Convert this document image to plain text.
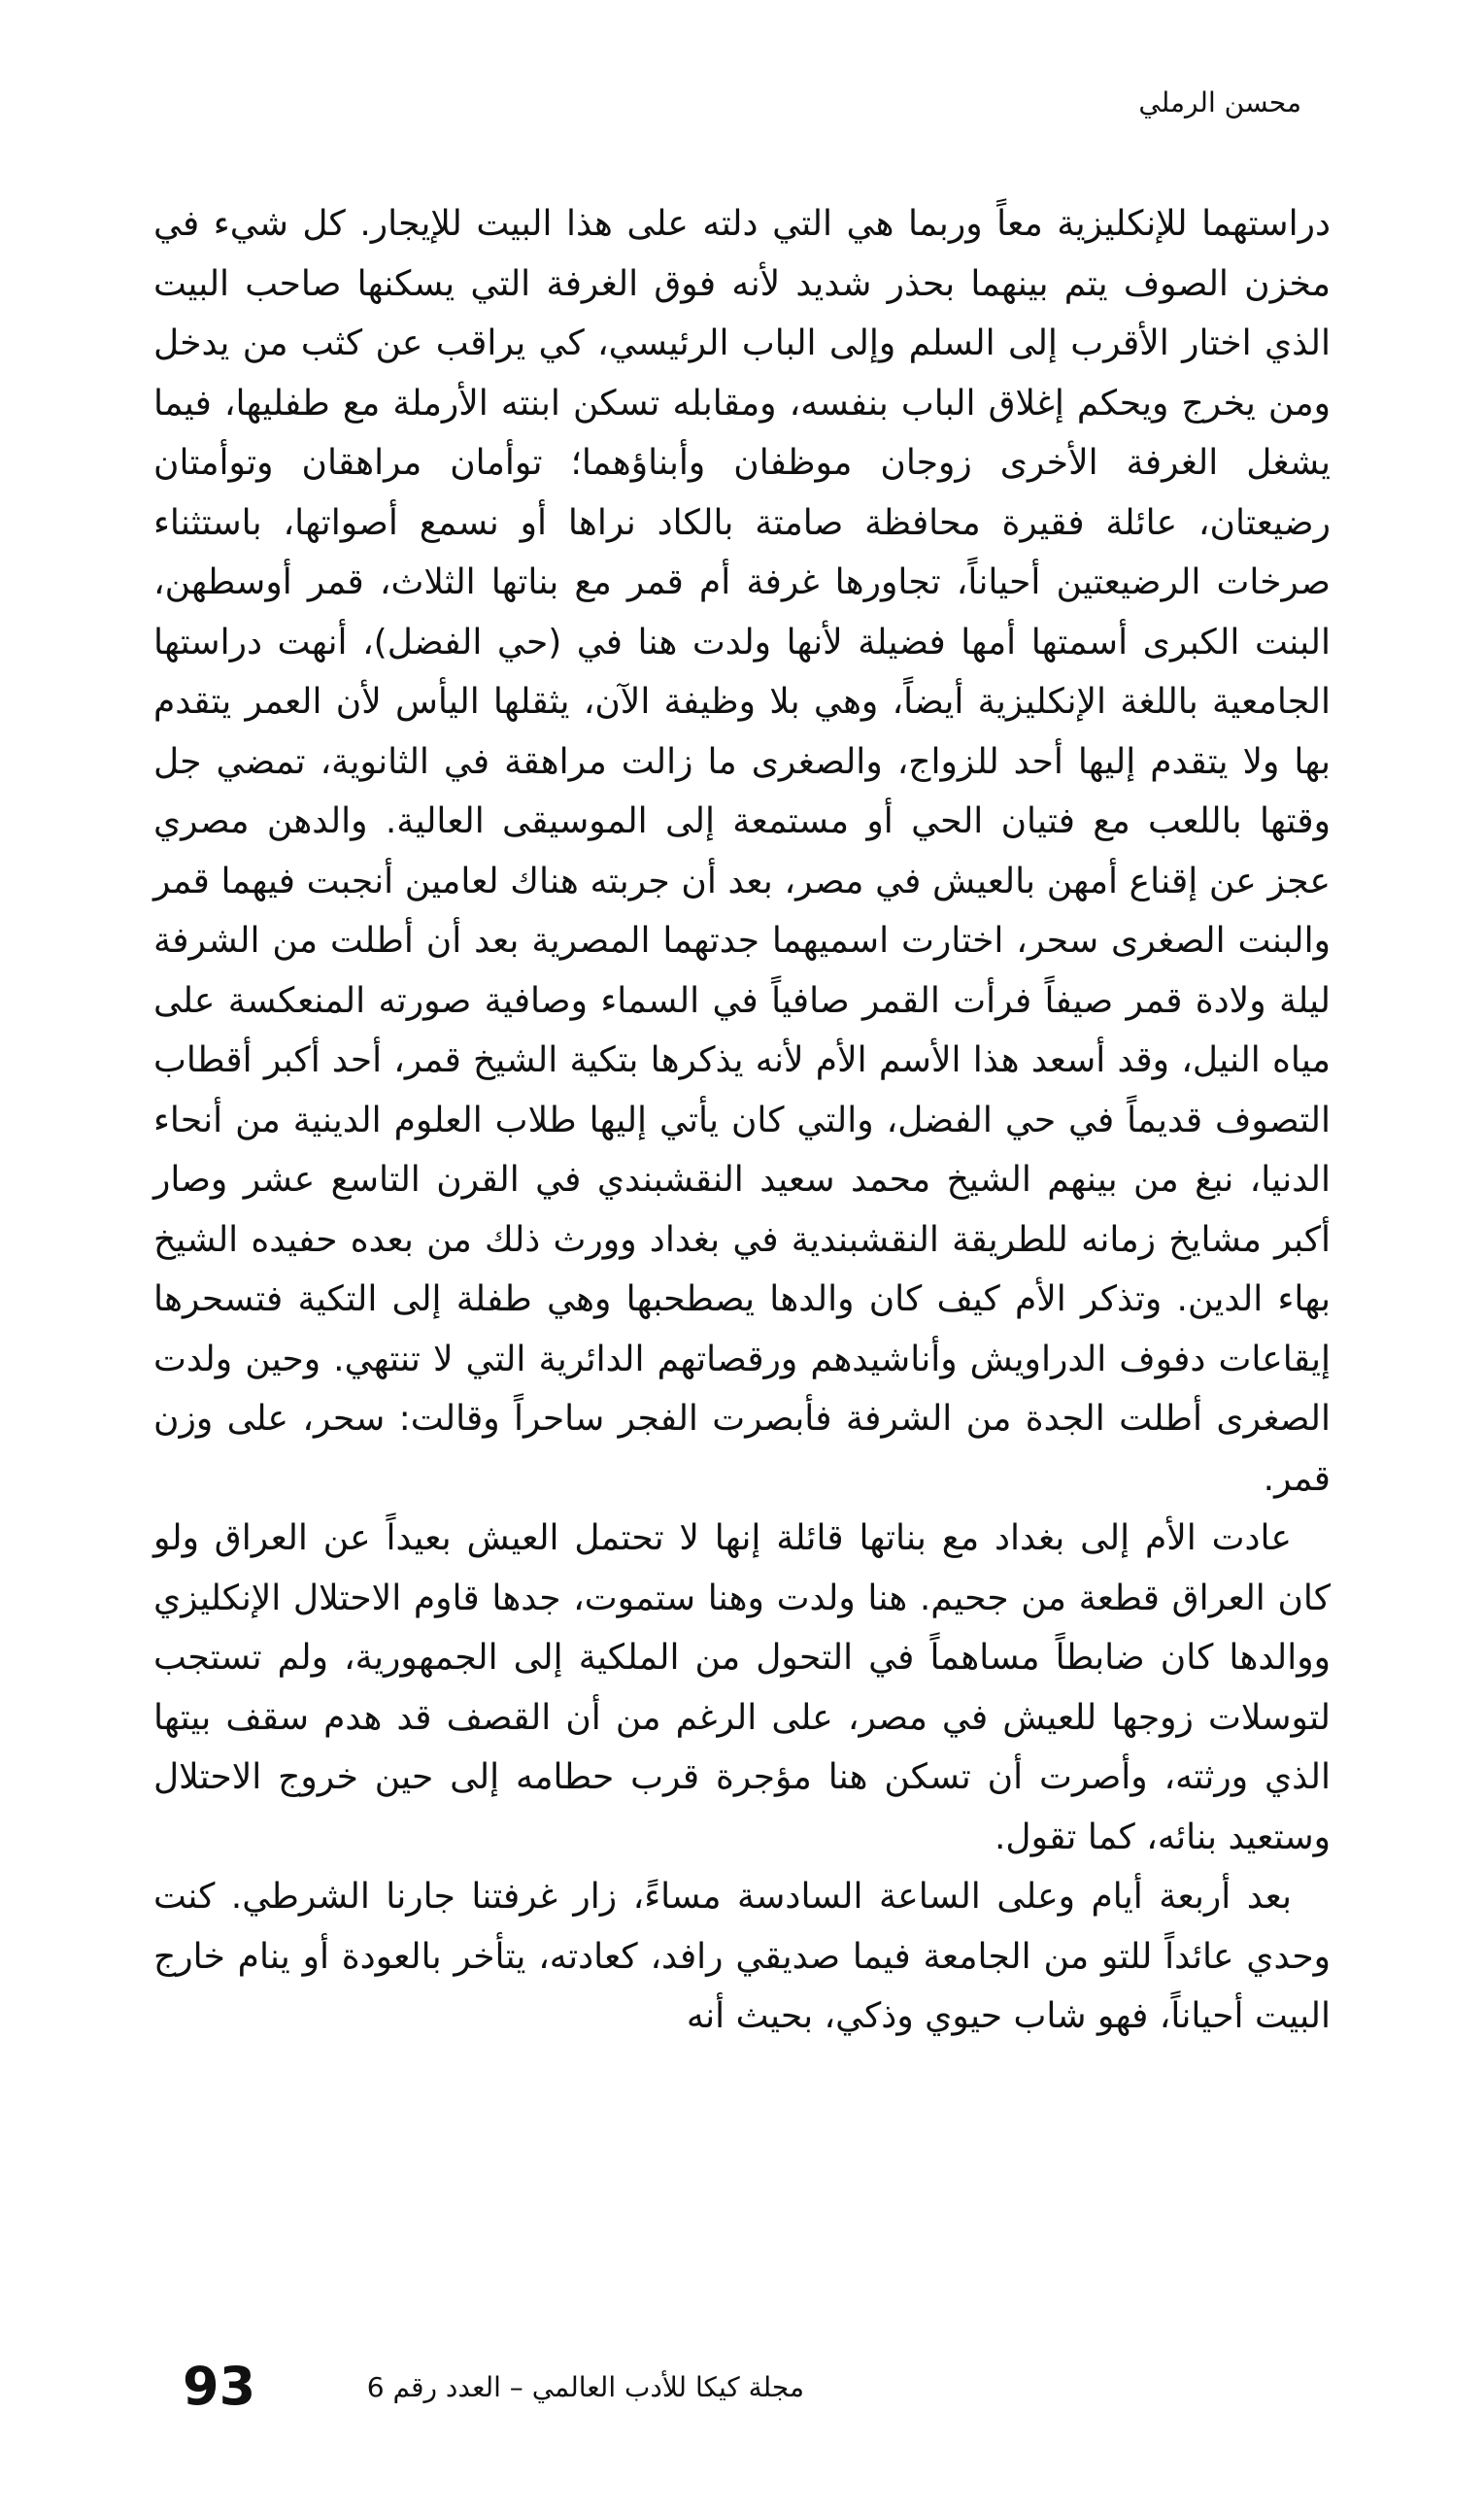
محسن الرملي

دراستهما للإنكليزية معاً وربما هي التي دلته على هذا البيت للإيجار. كل شيء في مخزن الصوف يتم بينهما بحذر شديد لأنه فوق الغرفة التي يسكنها صاحب البيت الذي اختار الأقرب إلى السلم وإلى الباب الرئيسي، كي يراقب عن كثب من يدخل ومن يخرج ويحكم إغلاق الباب بنفسه، ومقابله تسكن ابنته الأرملة مع طفليها، فيما يشغل الغرفة الأخرى زوجان موظفان وأبناؤهما؛ توأمان مراهقان وتوأمتان رضيعتان، عائلة فقيرة محافظة صامتة بالكاد نراها أو نسمع أصواتها، باستثناء صرخات الرضيعتين أحياناً، تجاورها غرفة أم قمر مع بناتها الثلاث، قمر أوسطهن، البنت الكبرى أسمتها أمها فضيلة لأنها ولدت هنا في (حي الفضل)، أنهت دراستها الجامعية باللغة الإنكليزية أيضاً، وهي بلا وظيفة الآن، يثقلها اليأس لأن العمر يتقدم بها ولا يتقدم إليها أحد للزواج، والصغرى ما زالت مراهقة في الثانوية، تمضي جل وقتها باللعب مع فتيان الحي أو مستمعة إلى الموسيقى العالية. والدهن مصري عجز عن إقناع أمهن بالعيش في مصر، بعد أن جربته هناك لعامين أنجبت فيهما قمر والبنت الصغرى سحر، اختارت اسميهما جدتهما المصرية بعد أن أطلت من الشرفة ليلة ولادة قمر صيفاً فرأت القمر صافياً في السماء وصافية صورته المنعكسة على مياه النيل، وقد أسعد هذا الأسم الأم لأنه يذكرها بتكية الشيخ قمر، أحد أكبر أقطاب التصوف قديماً في حي الفضل، والتي كان يأتي إليها طلاب العلوم الدينية من أنحاء الدنيا، نبغ من بينهم الشيخ محمد سعيد النقشبندي في القرن التاسع عشر وصار أكبر مشايخ زمانه للطريقة النقشبندية في بغداد وورث ذلك من بعده حفيده الشيخ بهاء الدين. وتذكر الأم كيف كان والدها يصطحبها وهي طفلة إلى التكية فتسحرها إيقاعات دفوف الدراويش وأناشيدهم ورقصاتهم الدائرية التي لا تنتهي. وحين ولدت الصغرى أطلت الجدة من الشرفة فأبصرت الفجر ساحراً وقالت: سحر، على وزن قمر.

عادت الأم إلى بغداد مع بناتها قائلة إنها لا تحتمل العيش بعيداً عن العراق ولو كان العراق قطعة من جحيم. هنا ولدت وهنا ستموت، جدها قاوم الاحتلال الإنكليزي ووالدها كان ضابطاً مساهماً في التحول من الملكية إلى الجمهورية، ولم تستجب لتوسلات زوجها للعيش في مصر، على الرغم من أن القصف قد هدم سقف بيتها الذي ورثته، وأصرت أن تسكن هنا مؤجرة قرب حطامه إلى حين خروج الاحتلال وستعيد بنائه، كما تقول.

بعد أربعة أيام وعلى الساعة السادسة مساءً، زار غرفتنا جارنا الشرطي. كنت وحدي عائداً للتو من الجامعة فيما صديقي رافد، كعادته، يتأخر بالعودة أو ينام خارج البيت أحياناً، فهو شاب حيوي وذكي، بحيث أنه

93	مجلة كيكا للأدب العالمي – العدد رقم 6
